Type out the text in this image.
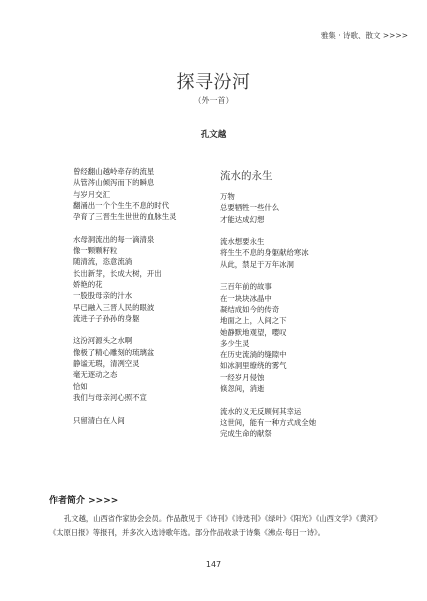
雅集 · 诗歌、散文 >>>>
探寻汾河
（外一首）
孔文越
曾经翻山越岭牵存的流星
从管涔山倾泻而下的瞬息
与岁月交汇
翻涌出一个个生生不息的时代
孕育了三晋生生世世的血脉生灵
水母洞流出的每一滴清泉
像一颗颗籽粒
随清流，恣意流淌
长出新芽，长成大树，开出
娇艳的花
一股股母亲的汁水
早已融入三晋人民的眼波
流进子子孙孙的身躯
这汾河源头之水啊
像极了精心雕刻的琉璃盆
静谧无瑕，清冽空灵
毫无逐动之态
恰如
我们与母亲河心照不宣
只留清白在人间
流水的永生
万物
总要牺牲一些什么
才能达成幻想
流水想要永生
将生生不息的身躯献给寒冰
从此，禁足于万年冰洞
三百年前的故事
在一块块冰晶中
凝结成如今的传奇
地面之上，人间之下
她静默地观望，嘤叹
多少生灵
在历史流淌的缝隙中
如冰洞里缭绕的雾气
一经岁月侵蚀
倏忽间，消逝
流水的义无反顾何其幸运
这世间，能有一种方式成全她
完成生命的献祭
作者简介 >>>>
孔文越，山西省作家协会会员。作品散见于《诗刊》《诗选刊》《绿叶》《阳光》《山西文学》《黄河》《太原日报》等报刊，并多次入选诗歌年选。部分作品收录于诗集《沸点·每日一诗》。
147
